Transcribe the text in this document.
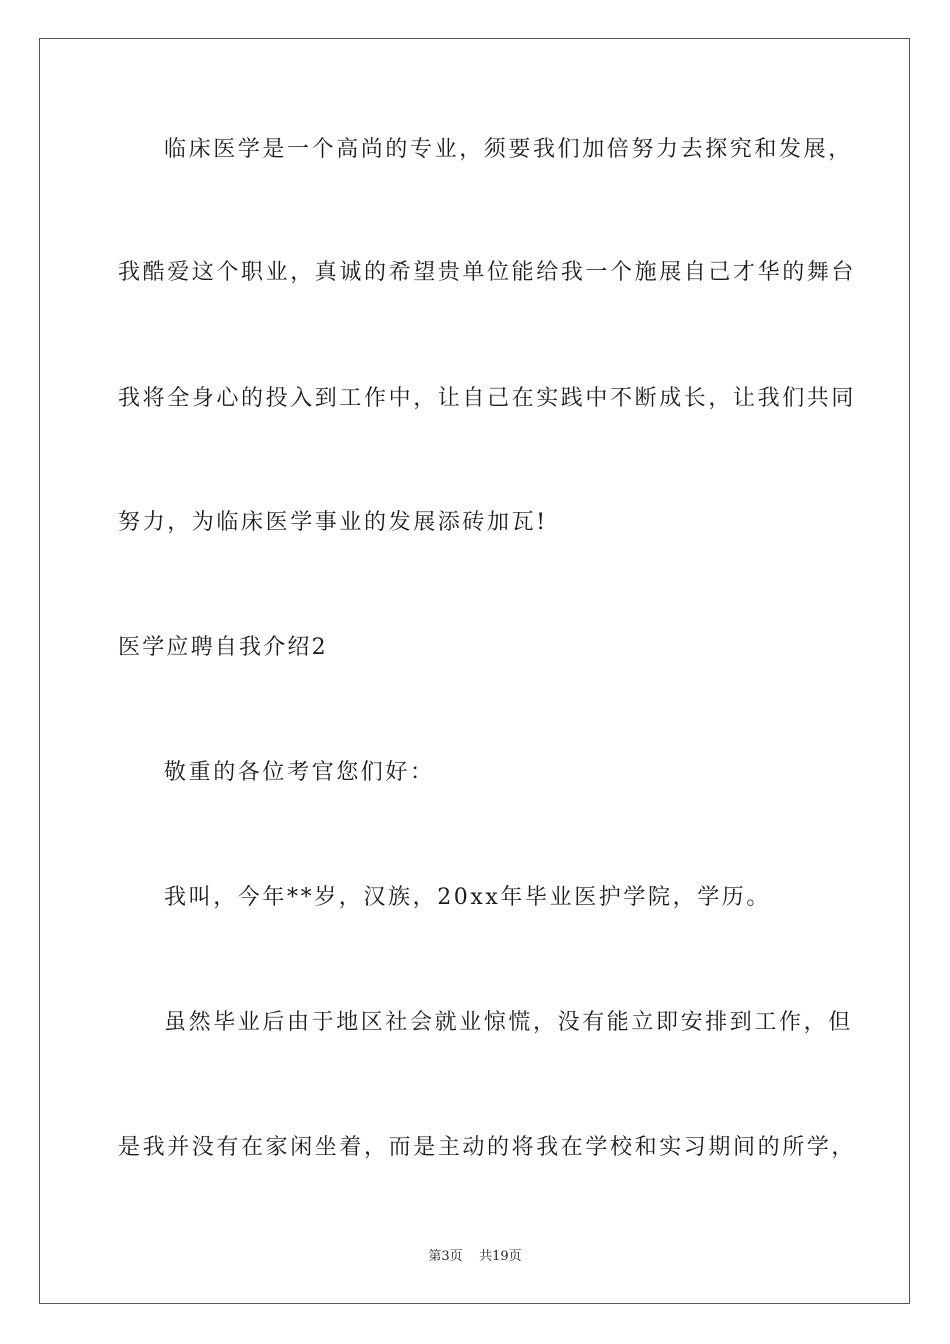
临床医学是一个高尚的专业，须要我们加倍努力去探究和发展，
我酷爱这个职业，真诚的希望贵单位能给我一个施展自己才华的舞台
我将全身心的投入到工作中，让自己在实践中不断成长，让我们共同
努力，为临床医学事业的发展添砖加瓦!
医学应聘自我介绍2
敬重的各位考官您们好：
我叫，今年**岁，汉族，20xx年毕业医护学院，学历。
虽然毕业后由于地区社会就业惊慌，没有能立即安排到工作，但
是我并没有在家闲坐着，而是主动的将我在学校和实习期间的所学，
第3页    共19页
